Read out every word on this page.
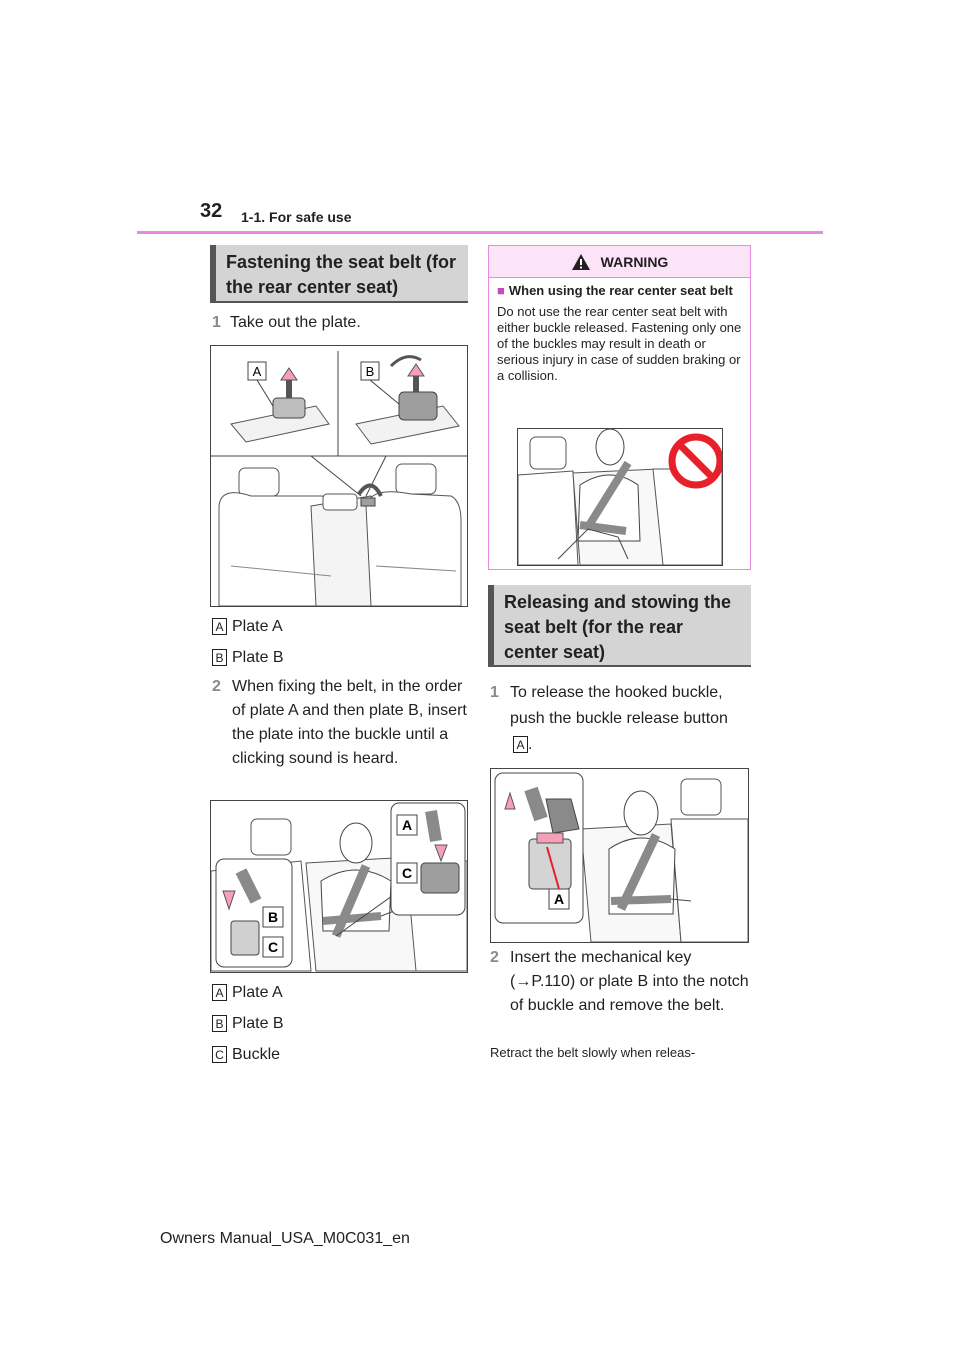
32 1-1. For safe use
Fastening the seat belt (for the rear center seat)
1 Take out the plate.
A	B
A Plate A
B Plate B
2 When fixing the belt, in the order of plate A and then plate B, insert the plate into the buckle until a clicking sound is heard.
B
C
A
C
A Plate A
B Plate B
C Buckle
WARNING
■ When using the rear center seat belt
Do not use the rear center seat belt with either buckle released. Fastening only one of the buckles may result in death or serious injury in case of sudden braking or a collision.
Releasing and stowing the seat belt (for the rear center seat)
1 To release the hooked buckle, push the buckle release button A .
A
2 Insert the mechanical key (→P.110) or plate B into the notch of buckle and remove the belt.
Retract the belt slowly when releas-
Owners Manual_USA_M0C031_en
